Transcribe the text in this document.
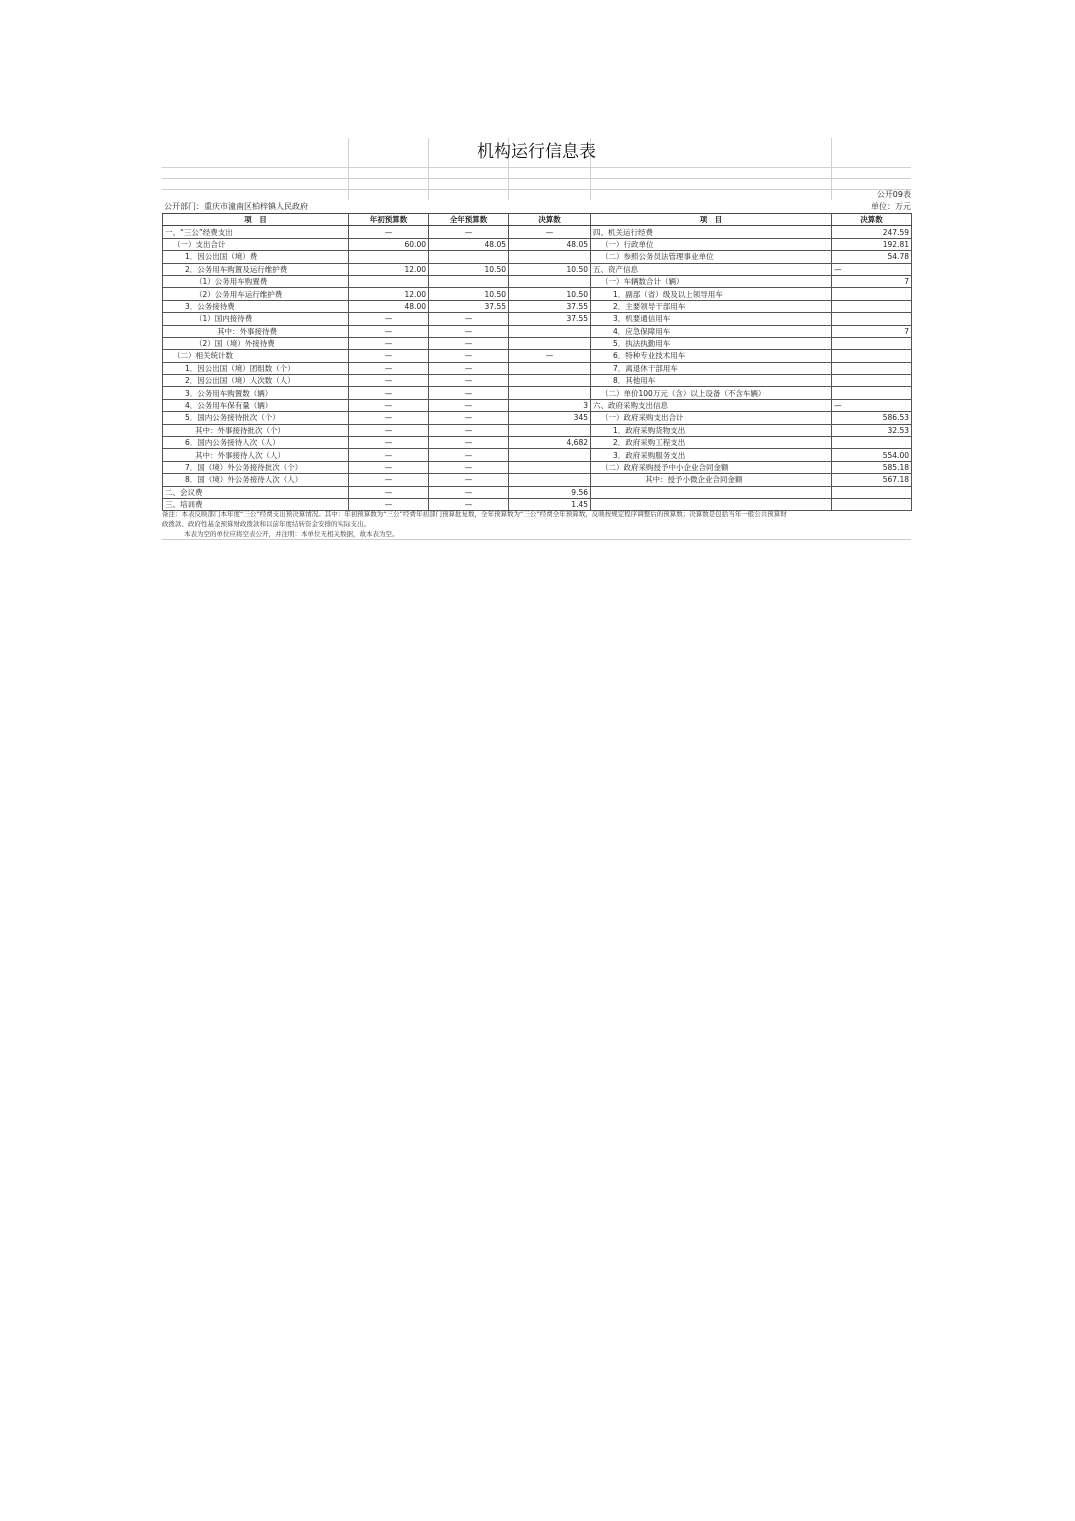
机构运行信息表
公开09表
公开部门：重庆市潼南区柏梓镇人民政府	单位：万元
项　目	年初预算数	全年预算数	决算数	项　目	决算数
一、“三公”经费支出	—	—	—	四、机关运行经费	247.59
（一）支出合计	60.00	48.05	48.05	（一）行政单位	192.81
1．因公出国（境）费				（二）参照公务员法管理事业单位	54.78
2．公务用车购置及运行维护费	12.00	10.50	10.50	五、资产信息	—
（1）公务用车购置费				（一）车辆数合计（辆）	7
（2）公务用车运行维护费	12.00	10.50	10.50	1．副部（省）级及以上领导用车	
3．公务接待费	48.00	37.55	37.55	2．主要领导干部用车	
（1）国内接待费	—	—	37.55	3．机要通信用车	
其中：外事接待费	—	—		4．应急保障用车	7
（2）国（境）外接待费	—	—		5．执法执勤用车	
（二）相关统计数	—	—	—	6．特种专业技术用车	
1．因公出国（境）团组数（个）	—	—		7．离退休干部用车	
2．因公出国（境）人次数（人）	—	—		8．其他用车	
3．公务用车购置数（辆）	—	—		（二）单价100万元（含）以上设备（不含车辆）	
4．公务用车保有量（辆）	—	—	3	六、政府采购支出信息	—
5．国内公务接待批次（个）	—	—	345	（一）政府采购支出合计	586.53
其中：外事接待批次（个）	—	—		1．政府采购货物支出	32.53
6．国内公务接待人次（人）	—	—	4,682	2．政府采购工程支出	
其中：外事接待人次（人）	—	—		3．政府采购服务支出	554.00
7．国（境）外公务接待批次（个）	—	—		（二）政府采购授予中小企业合同金额	585.18
8．国（境）外公务接待人次（人）	—	—		其中：授予小微企业合同金额	567.18
二、会议费	—	—	9.56		
三、培训费	—	—	1.45		
备注：本表反映部门本年度“三公”经费支出预决算情况。其中：年初预算数为“三公”经费年初部门预算批复数，全年预算数为“三公”经费全年预算数，反映按规定程序调整后的预算数；决算数是包括当年一般公共预算财
政拨款、政府性基金预算财政拨款和以前年度结转资金安排的实际支出。
本表为空的单位应将空表公开，并注明：本单位无相关数据，故本表为空。
